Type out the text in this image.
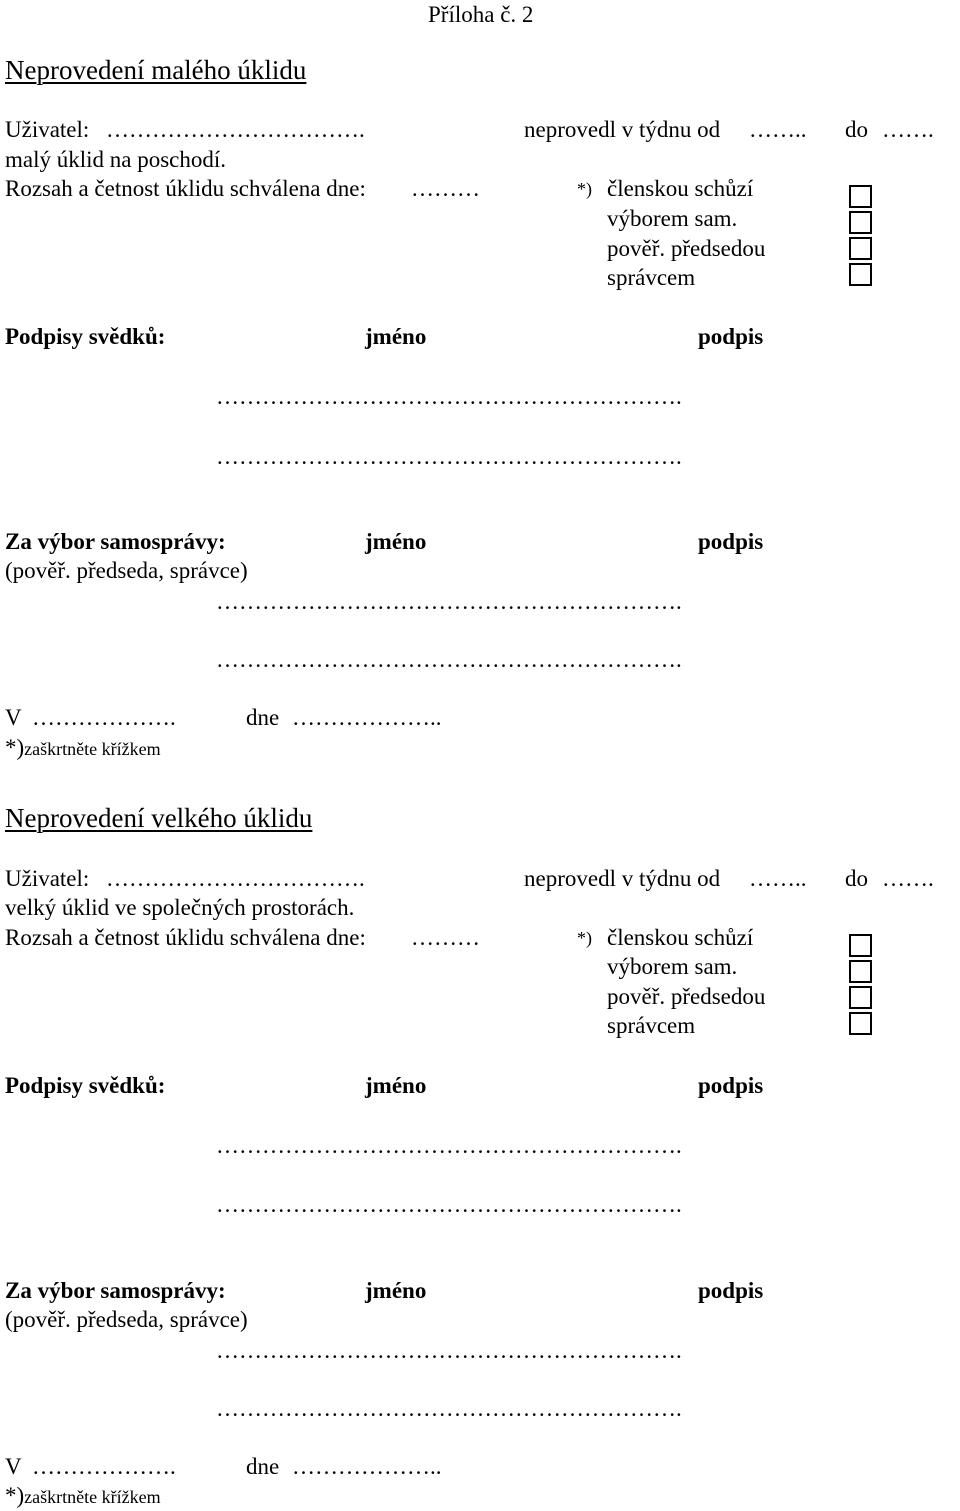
Příloha č. 2
Neprovedení malého úklidu
Uživatel: …………………………….	neprovedl v týdnu od …….. do …….
malý úklid na poschodí.
Rozsah a četnost úklidu schválena dne: ………	*) členskou schůzí
výborem sam.
pověř. předsedou
správcem
Podpisy svědků:	jméno	podpis
…………………………………………………….
…………………………………………………….
Za výbor samosprávy:	jméno	podpis
(pověř. předseda, správce)
…………………………………………………….
…………………………………………………….
V ……………….	dne ………………..
*)zaškrtněte křížkem
Neprovedení velkého úklidu
Uživatel: …………………………….	neprovedl v týdnu od …….. do …….
velký úklid ve společných prostorách.
Rozsah a četnost úklidu schválena dne: ………	*) členskou schůzí
výborem sam.
pověř. předsedou
správcem
Podpisy svědků:	jméno	podpis
…………………………………………………….
…………………………………………………….
Za výbor samosprávy:	jméno	podpis
(pověř. předseda, správce)
…………………………………………………….
…………………………………………………….
V ……………….	dne ………………..
*)zaškrtněte křížkem
